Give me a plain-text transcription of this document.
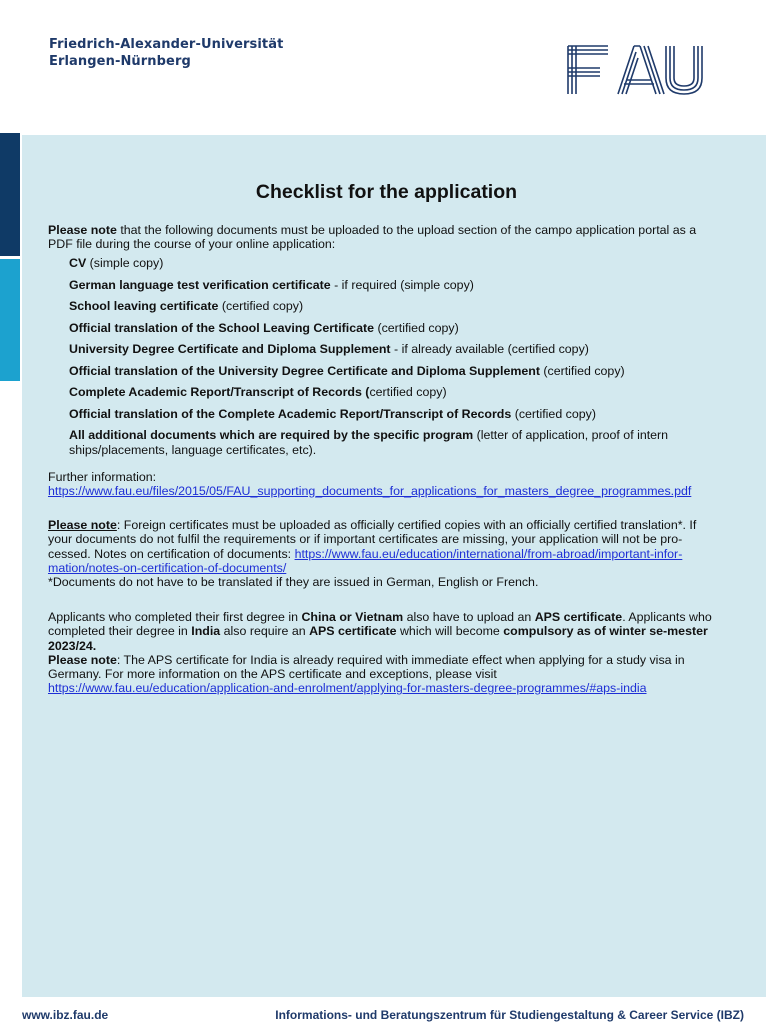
Friedrich-Alexander-Universität
Erlangen-Nürnberg
Checklist for the application

Please note that the following documents must be uploaded to the upload section of the campo application portal as a PDF file during the course of your online application:

CV (simple copy)
German language test verification certificate - if required (simple copy)
School leaving certificate (certified copy)
Official translation of the School Leaving Certificate (certified copy)
University Degree Certificate and Diploma Supplement - if already available (certified copy)
Official translation of the University Degree Certificate and Diploma Supplement (certified copy)
Complete Academic Report/Transcript of Records (certified copy)
Official translation of the Complete Academic Report/Transcript of Records (certified copy)
All additional documents which are required by the specific program (letter of application, proof of intern ships/placements, language certificates, etc).

Further information:

https://www.fau.eu/files/2015/05/FAU_supporting_documents_for_applications_for_masters_degree_programmes.pdf

Please note: Foreign certificates must be uploaded as officially certified copies with an officially certified translation*. If your documents do not fulfil the requirements or if important certificates are missing, your application will not be pro-cessed. Notes on certification of documents: https://www.fau.eu/education/international/from-abroad/important-infor-mation/notes-on-certification-of-documents/

*Documents do not have to be translated if they are issued in German, English or French.

Applicants who completed their first degree in China or Vietnam also have to upload an APS certificate. Applicants who completed their degree in India also require an APS certificate which will become compulsory as of winter se-mester 2023/24.

Please note: The APS certificate for India is already required with immediate effect when applying for a study visa in Germany. For more information on the APS certificate and exceptions, please visit

https://www.fau.eu/education/application-and-enrolment/applying-for-masters-degree-programmes/#aps-india

www.ibz.fau.de	Informations- und Beratungszentrum für Studiengestaltung & Career Service (IBZ)
